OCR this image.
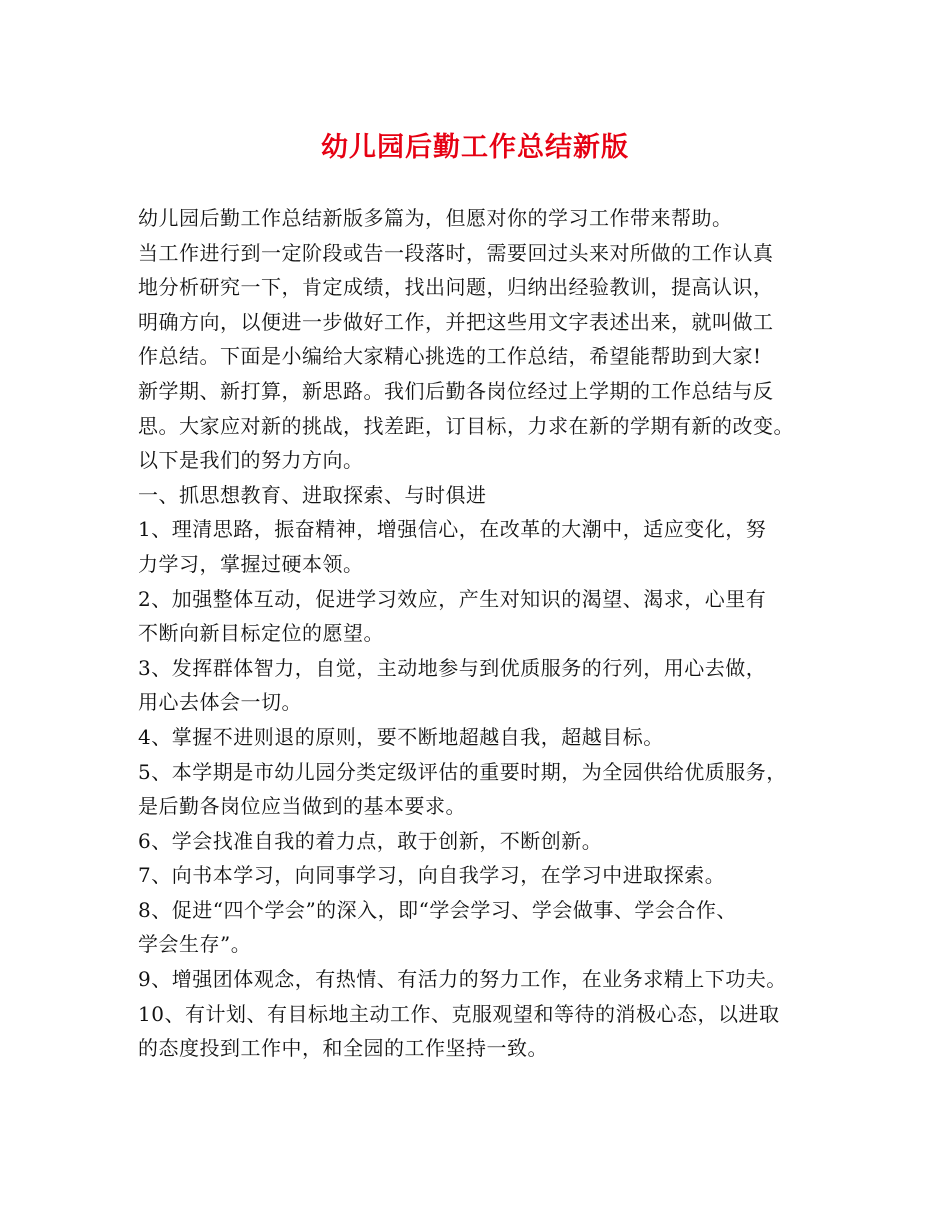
幼儿园后勤工作总结新版
幼儿园后勤工作总结新版多篇为，但愿对你的学习工作带来帮助。
当工作进行到一定阶段或告一段落时，需要回过头来对所做的工作认真
地分析研究一下，肯定成绩，找出问题，归纳出经验教训，提高认识，
明确方向，以便进一步做好工作，并把这些用文字表述出来，就叫做工
作总结。下面是小编给大家精心挑选的工作总结，希望能帮助到大家!
新学期、新打算，新思路。我们后勤各岗位经过上学期的工作总结与反
思。大家应对新的挑战，找差距，订目标，力求在新的学期有新的改变。
以下是我们的努力方向。
一、抓思想教育、进取探索、与时俱进
1、理清思路，振奋精神，增强信心，在改革的大潮中，适应变化，努
力学习，掌握过硬本领。
2、加强整体互动，促进学习效应，产生对知识的渴望、渴求，心里有
不断向新目标定位的愿望。
3、发挥群体智力，自觉，主动地参与到优质服务的行列，用心去做，
用心去体会一切。
4、掌握不进则退的原则，要不断地超越自我，超越目标。
5、本学期是市幼儿园分类定级评估的重要时期，为全园供给优质服务，
是后勤各岗位应当做到的基本要求。
6、学会找准自我的着力点，敢于创新，不断创新。
7、向书本学习，向同事学习，向自我学习，在学习中进取探索。
8、促进“四个学会”的深入，即“学会学习、学会做事、学会合作、
学会生存”。
9、增强团体观念，有热情、有活力的努力工作，在业务求精上下功夫。
10、有计划、有目标地主动工作、克服观望和等待的消极心态，以进取
的态度投到工作中，和全园的工作坚持一致。
